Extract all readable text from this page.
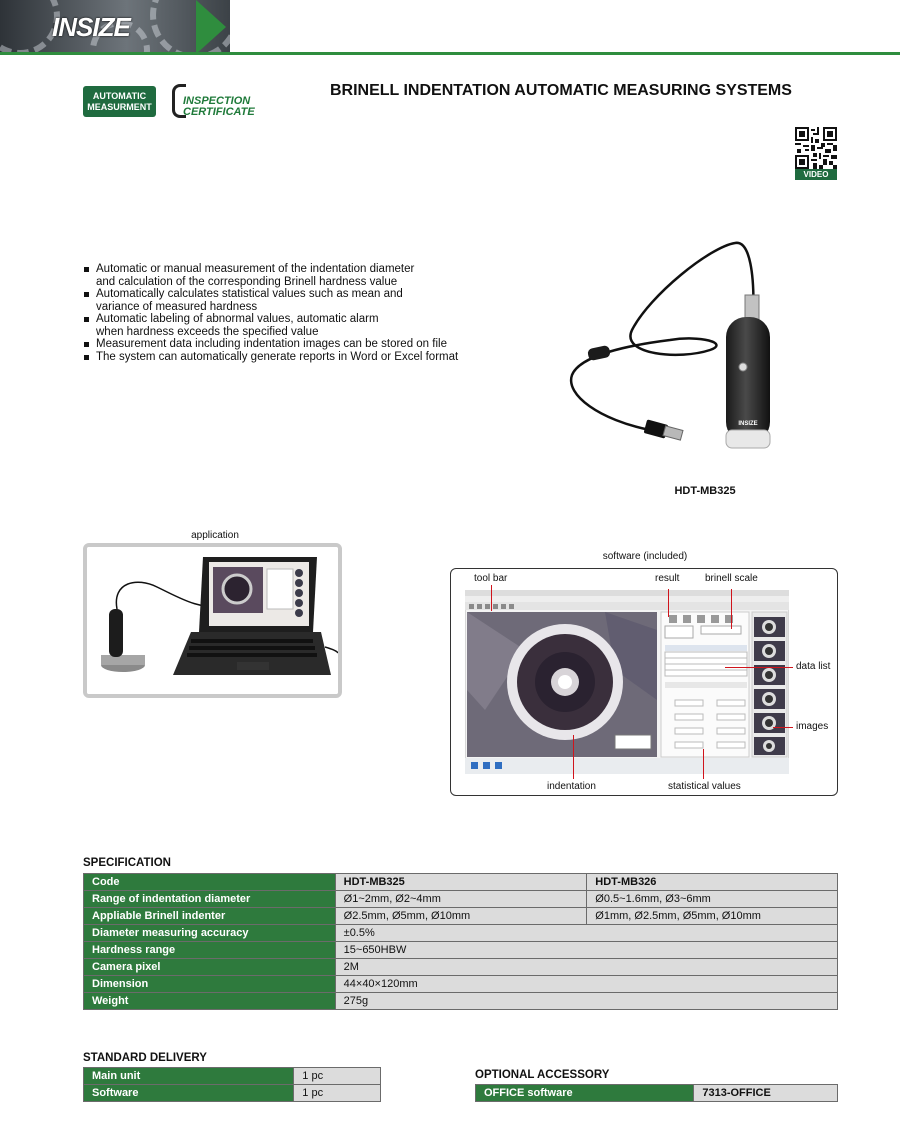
INSIZE
AUTOMATIC
MEASURMENT	INSPECTION
CERTIFICATE
BRINELL INDENTATION AUTOMATIC MEASURING SYSTEMS
VIDEO
Automatic or manual measurement of the indentation diameter
and calculation of the corresponding Brinell hardness value
Automatically calculates statistical values such as mean and
variance of measured hardness
Automatic labeling of abnormal values, automatic alarm
when hardness exceeds the specified value
Measurement data including indentation images can be stored on file
The system can automatically generate reports in Word or Excel format
INSIZE
HDT-MB325
application
software (included)
tool bar	result	brinell scale
data list
images
indentation	statistical values
SPECIFICATION
Code	HDT-MB325	HDT-MB326
Range of indentation diameter	Ø1~2mm, Ø2~4mm	Ø0.5~1.6mm, Ø3~6mm
Appliable Brinell indenter	Ø2.5mm, Ø5mm, Ø10mm	Ø1mm, Ø2.5mm, Ø5mm, Ø10mm
Diameter measuring accuracy	±0.5%	
Hardness range	15~650HBW	
Camera pixel	2M	
Dimension	44×40×120mm	
Weight	275g	
STANDARD DELIVERY
Main unit	1 pc
Software	1 pc
OPTIONAL ACCESSORY
OFFICE software	7313-OFFICE
